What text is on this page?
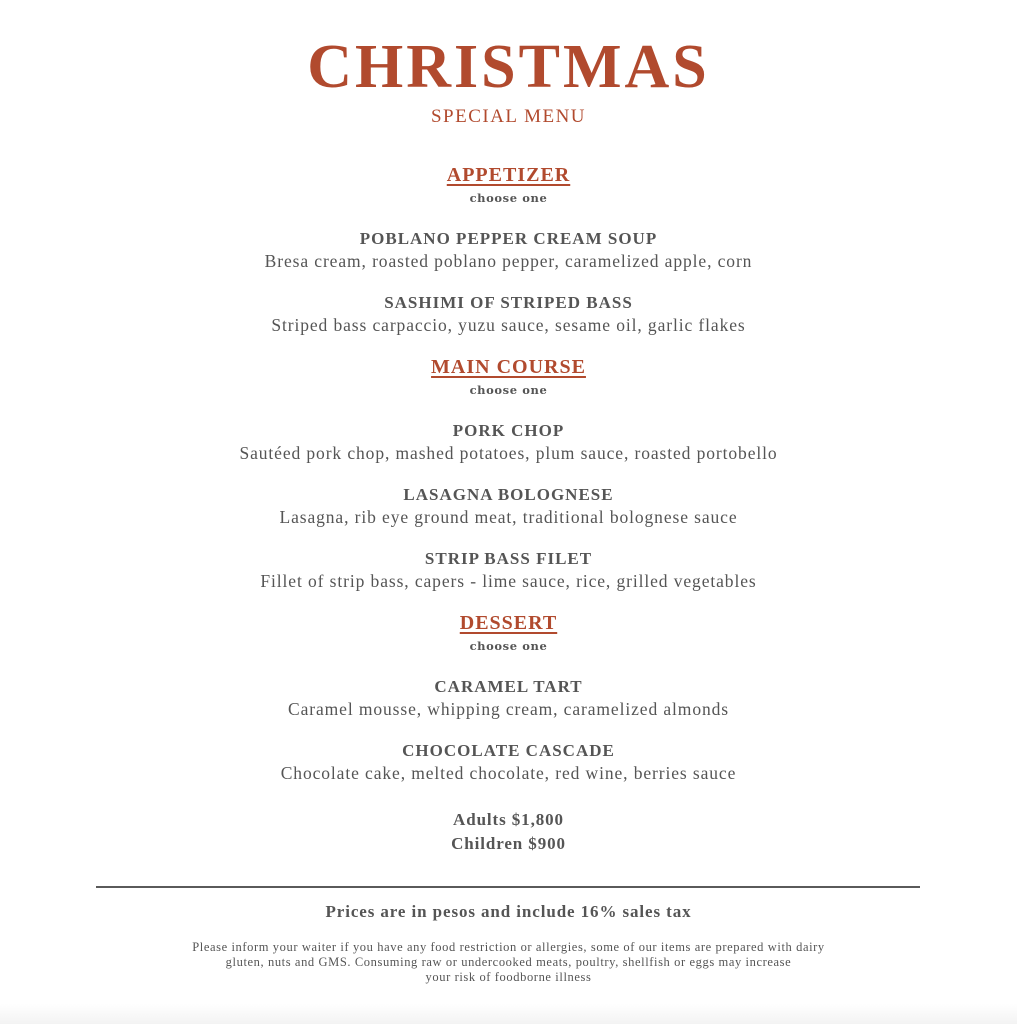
CHRISTMAS
SPECIAL MENU
APPETIZER
choose one
POBLANO PEPPER CREAM SOUP
Bresa cream, roasted poblano pepper, caramelized apple, corn
SASHIMI OF STRIPED BASS
Striped bass carpaccio, yuzu sauce, sesame oil, garlic flakes
MAIN COURSE
choose one
PORK CHOP
Sautéed pork chop, mashed potatoes, plum sauce, roasted portobello
LASAGNA BOLOGNESE
Lasagna, rib eye ground meat, traditional bolognese sauce
STRIP BASS FILET
Fillet of strip bass, capers - lime sauce, rice, grilled vegetables
DESSERT
choose one
CARAMEL TART
Caramel mousse, whipping cream, caramelized almonds
CHOCOLATE CASCADE
Chocolate cake, melted chocolate, red wine, berries sauce
Adults $1,800
Children $900
Prices are in pesos and include 16% sales tax
Please inform your waiter if you have any food restriction or allergies, some of our items are prepared with dairy
gluten, nuts and GMS. Consuming raw or undercooked meats, poultry, shellfish or eggs may increase
your risk of foodborne illness
